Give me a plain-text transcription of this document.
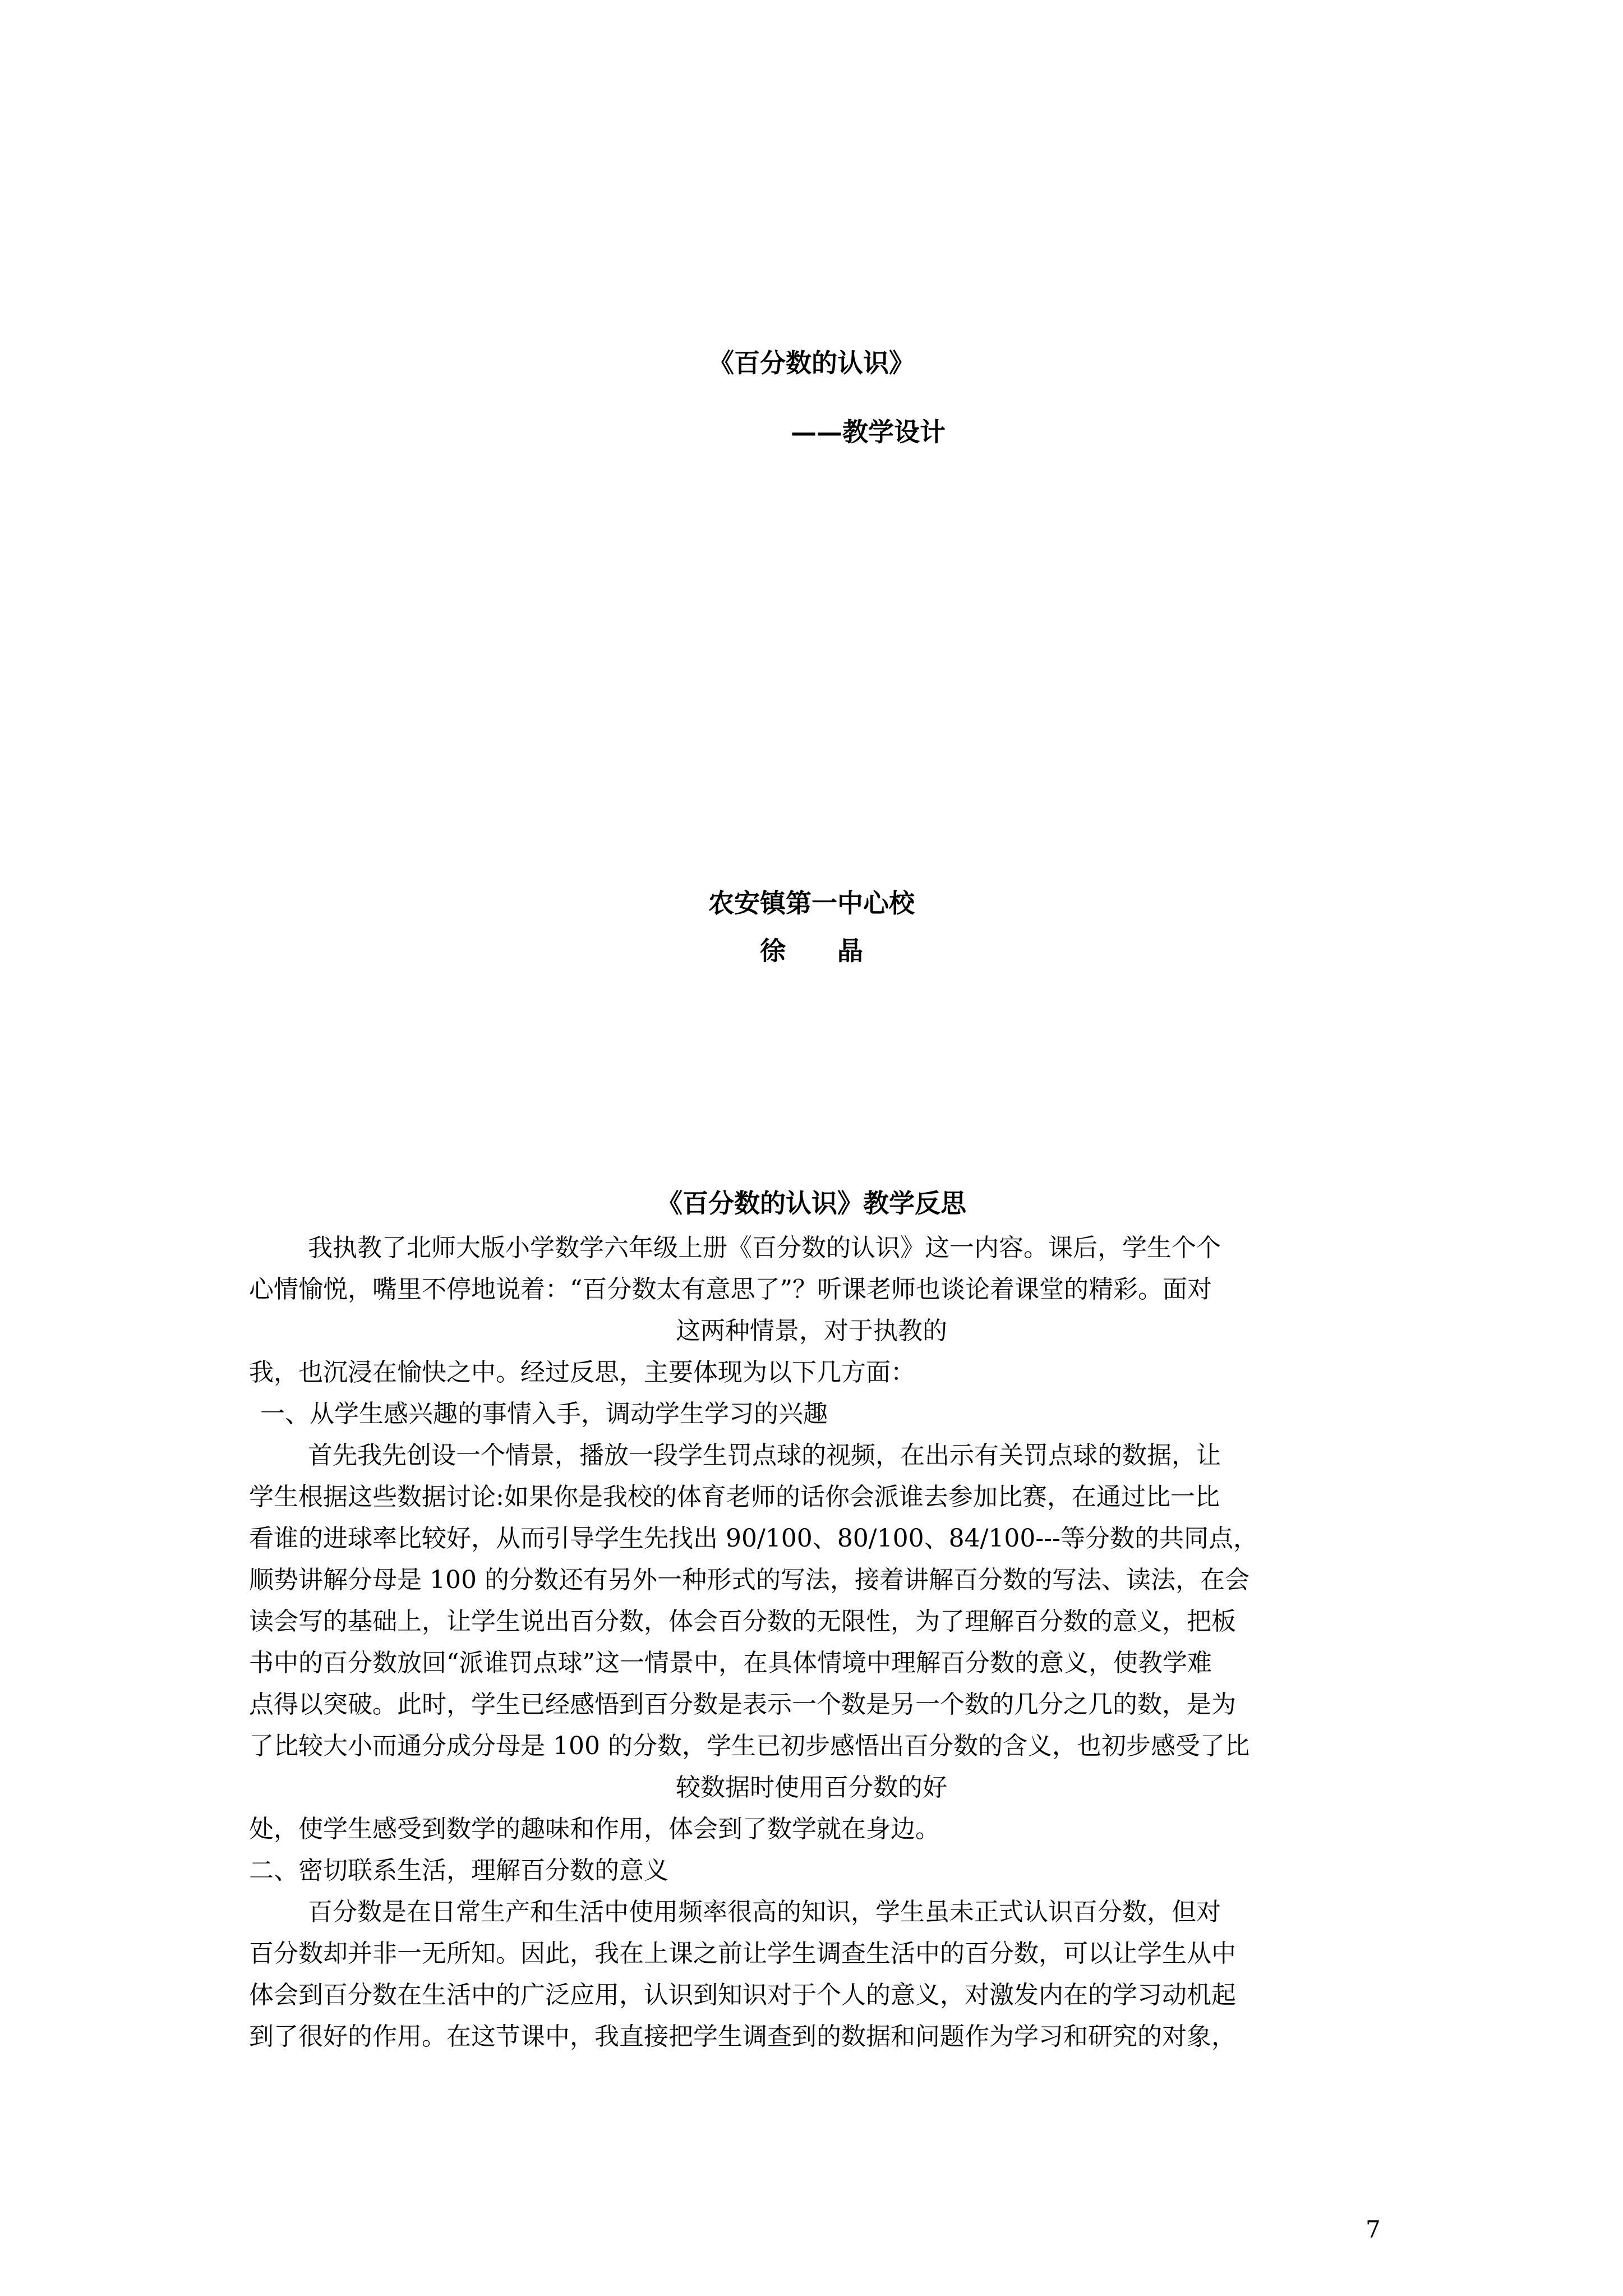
《百分数的认识》
——教学设计
农安镇第一中心校
徐 晶
《百分数的认识》教学反思
我执教了北师大版小学数学六年级上册《百分数的认识》这一内容。课后，学生个个
心情愉悦，嘴里不停地说着：“百分数太有意思了”？听课老师也谈论着课堂的精彩。面对
这两种情景，对于执教的
我，也沉浸在愉快之中。经过反思，主要体现为以下几方面：
一、从学生感兴趣的事情入手，调动学生学习的兴趣
首先我先创设一个情景，播放一段学生罚点球的视频，在出示有关罚点球的数据，让
学生根据这些数据讨论:如果你是我校的体育老师的话你会派谁去参加比赛，在通过比一比
看谁的进球率比较好，从而引导学生先找出 90/100、80/100、84/100---等分数的共同点，
顺势讲解分母是 100 的分数还有另外一种形式的写法，接着讲解百分数的写法、读法，在会
读会写的基础上，让学生说出百分数，体会百分数的无限性，为了理解百分数的意义，把板
书中的百分数放回“派谁罚点球”这一情景中，在具体情境中理解百分数的意义，使教学难
点得以突破。此时，学生已经感悟到百分数是表示一个数是另一个数的几分之几的数，是为
了比较大小而通分成分母是 100 的分数，学生已初步感悟出百分数的含义，也初步感受了比
较数据时使用百分数的好
处，使学生感受到数学的趣味和作用，体会到了数学就在身边。
二、密切联系生活，理解百分数的意义
百分数是在日常生产和生活中使用频率很高的知识，学生虽未正式认识百分数，但对
百分数却并非一无所知。因此，我在上课之前让学生调查生活中的百分数，可以让学生从中
体会到百分数在生活中的广泛应用，认识到知识对于个人的意义，对激发内在的学习动机起
到了很好的作用。在这节课中，我直接把学生调查到的数据和问题作为学习和研究的对象，
7
